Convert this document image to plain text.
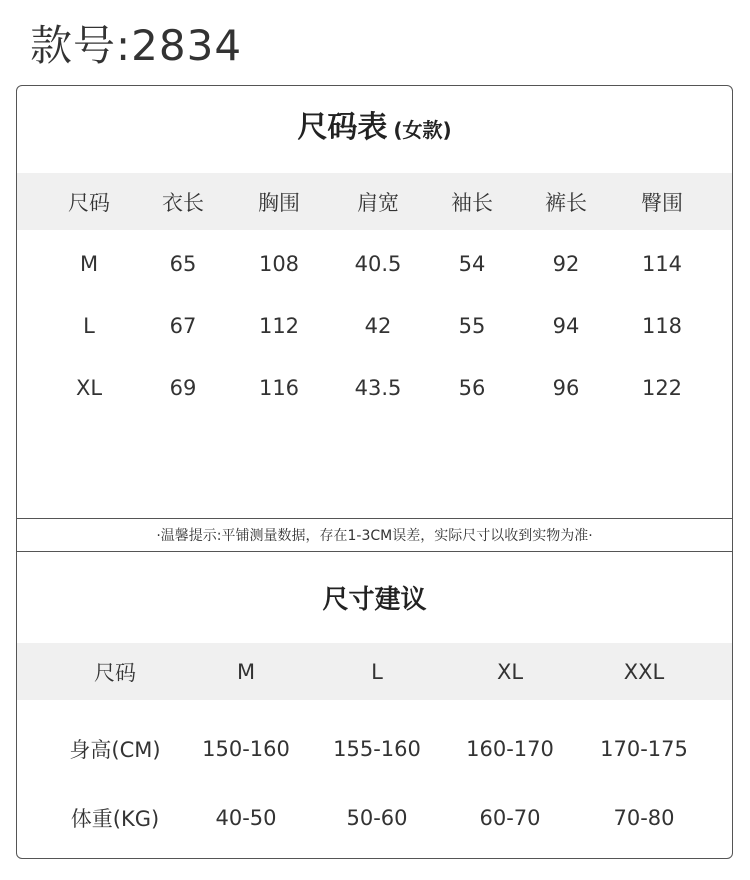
款号:2834
尺码表 (女款)
尺码	衣长	胸围	肩宽	袖长	裤长	臀围
M	65	108	40.5	54	92	114
L	67	112	42	55	94	118
XL	69	116	43.5	56	96	122
·温馨提示:平铺测量数据，存在1-3CM误差，实际尺寸以收到实物为准·
尺寸建议
尺码	M	L	XL	XXL
身高(CM)	150-160	155-160	160-170	170-175
体重(KG)	40-50	50-60	60-70	70-80
